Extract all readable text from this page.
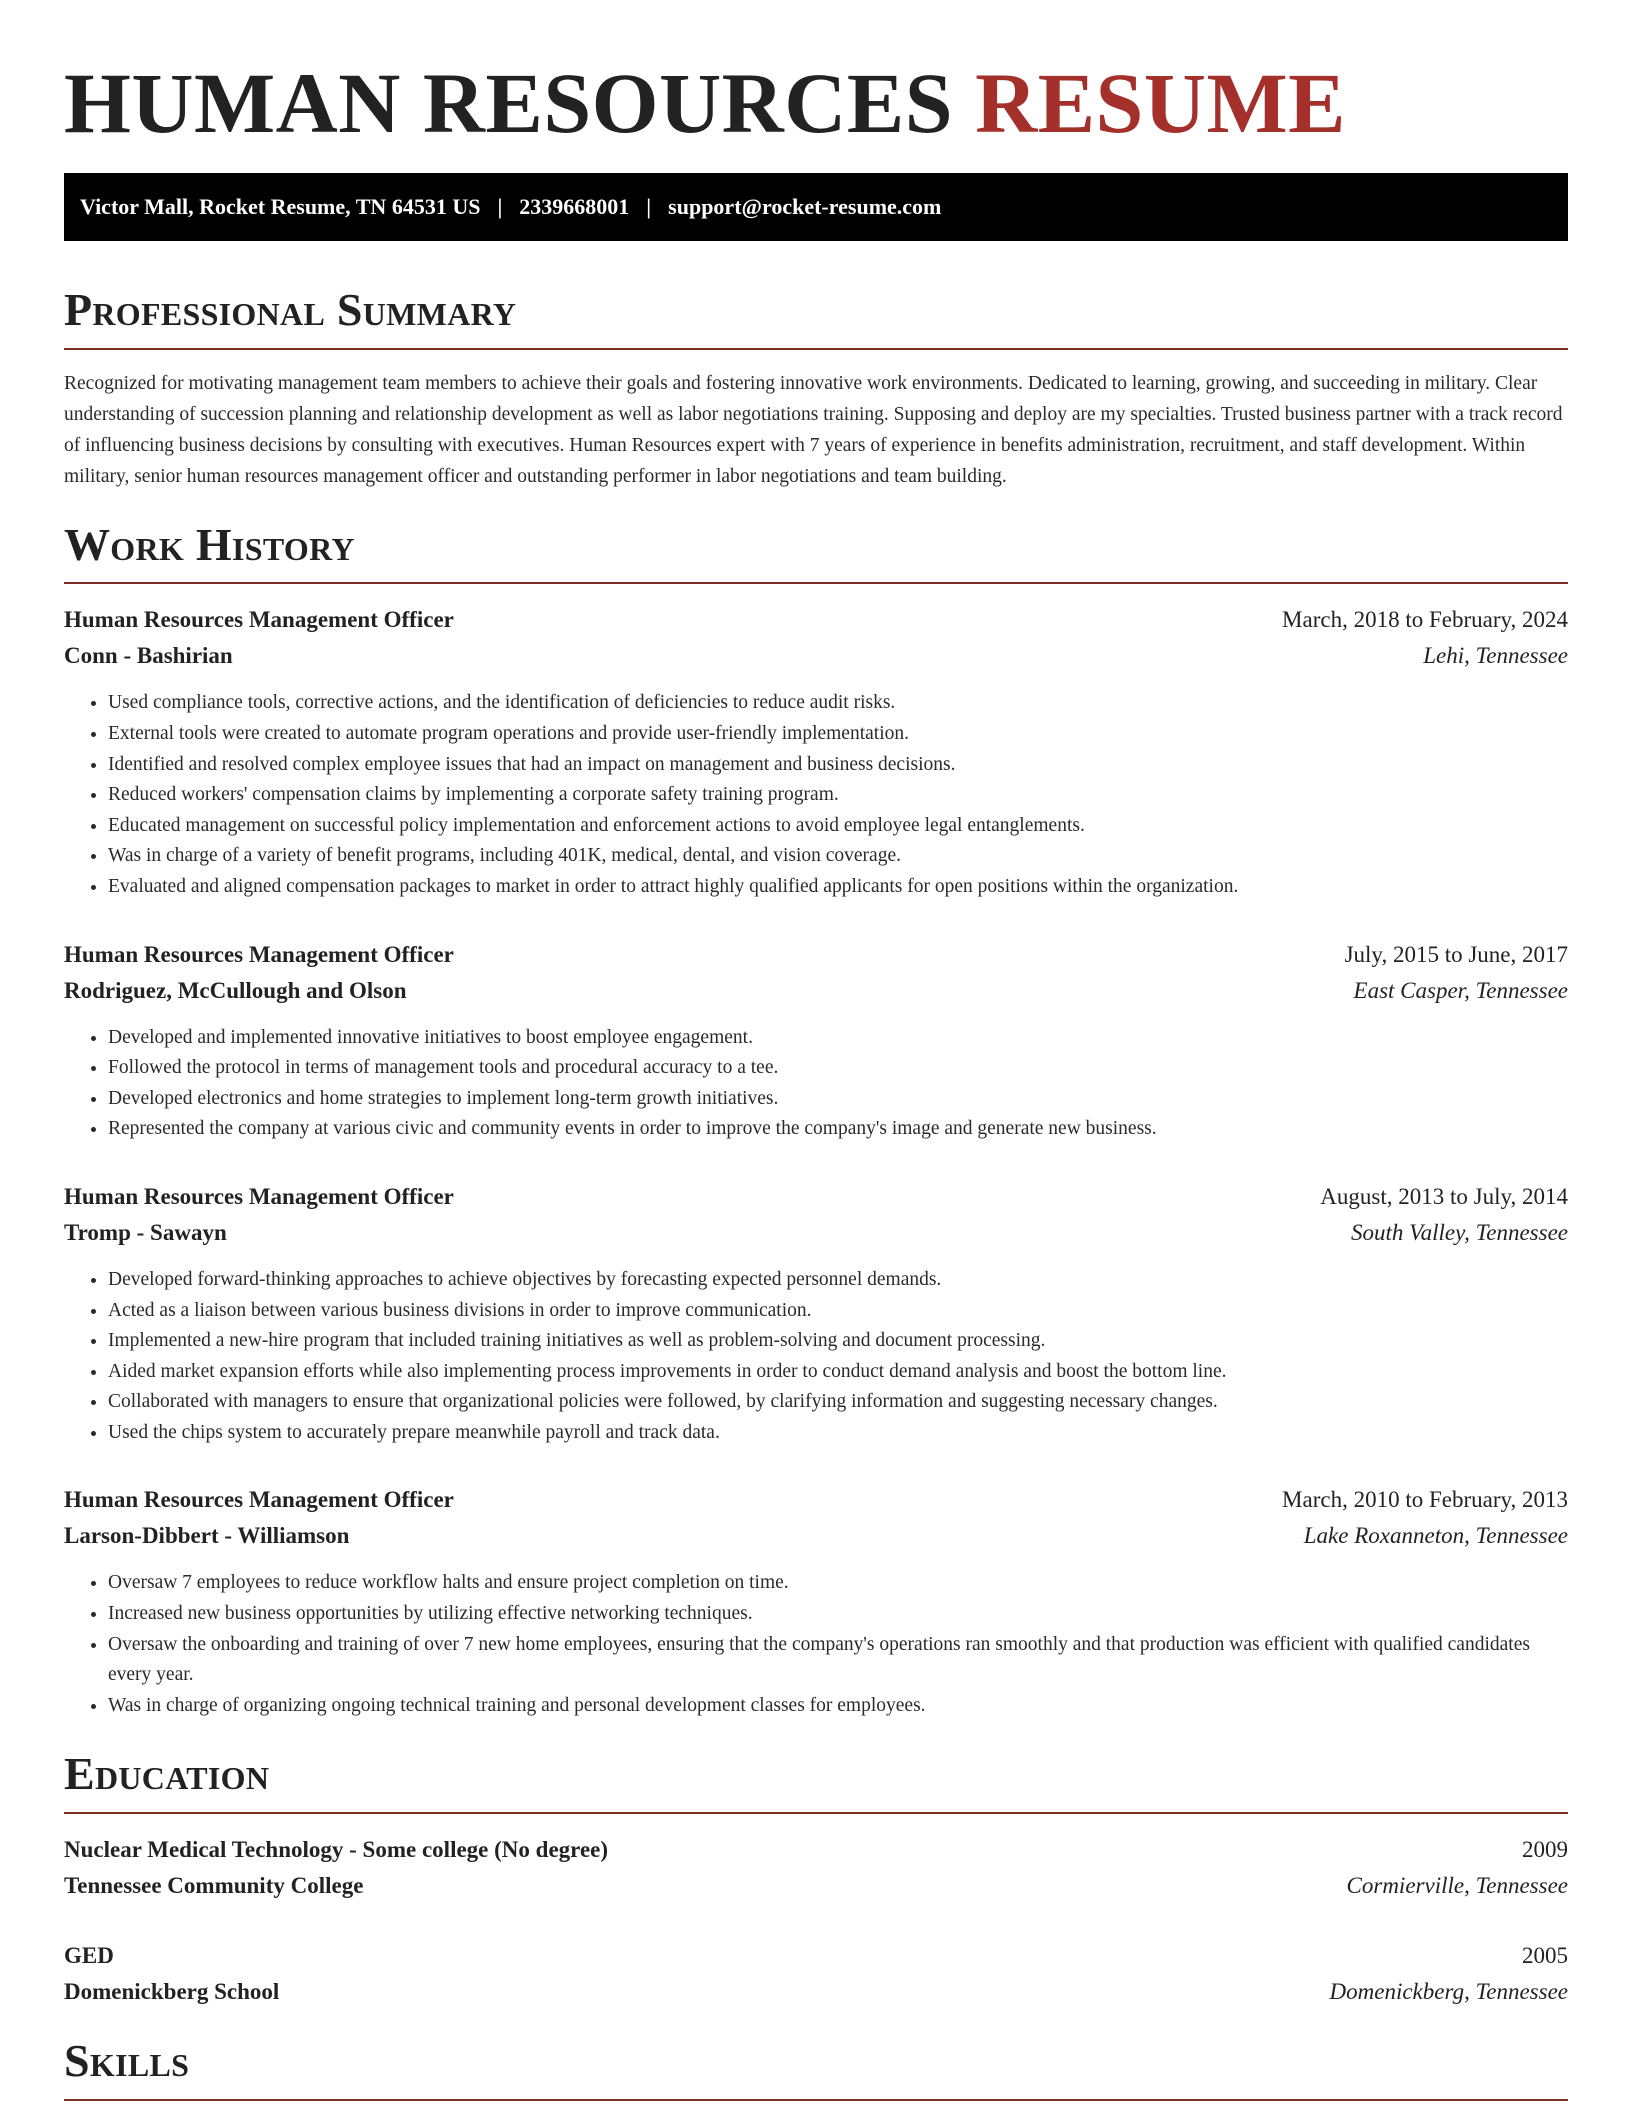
HUMAN RESOURCES RESUME
Victor Mall, Rocket Resume, TN 64531 US | 2339668001 | support@rocket-resume.com
Professional Summary

Recognized for motivating management team members to achieve their goals and fostering innovative work environments. Dedicated to learning, growing, and succeeding in military. Clear understanding of succession planning and relationship development as well as labor negotiations training. Supposing and deploy are my specialties. Trusted business partner with a track record of influencing business decisions by consulting with executives. Human Resources expert with 7 years of experience in benefits administration, recruitment, and staff development. Within military, senior human resources management officer and outstanding performer in labor negotiations and team building.

Work History
Human Resources Management Officer	March, 2018 to February, 2024
Conn - Bashirian	Lehi, Tennessee
• Used compliance tools, corrective actions, and the identification of deficiencies to reduce audit risks.
• External tools were created to automate program operations and provide user-friendly implementation.
• Identified and resolved complex employee issues that had an impact on management and business decisions.
• Reduced workers' compensation claims by implementing a corporate safety training program.
• Educated management on successful policy implementation and enforcement actions to avoid employee legal entanglements.
• Was in charge of a variety of benefit programs, including 401K, medical, dental, and vision coverage.
• Evaluated and aligned compensation packages to market in order to attract highly qualified applicants for open positions within the organization.
Human Resources Management Officer	July, 2015 to June, 2017
Rodriguez, McCullough and Olson	East Casper, Tennessee
• Developed and implemented innovative initiatives to boost employee engagement.
• Followed the protocol in terms of management tools and procedural accuracy to a tee.
• Developed electronics and home strategies to implement long-term growth initiatives.
• Represented the company at various civic and community events in order to improve the company's image and generate new business.
Human Resources Management Officer	August, 2013 to July, 2014
Tromp - Sawayn	South Valley, Tennessee
• Developed forward-thinking approaches to achieve objectives by forecasting expected personnel demands.
• Acted as a liaison between various business divisions in order to improve communication.
• Implemented a new-hire program that included training initiatives as well as problem-solving and document processing.
• Aided market expansion efforts while also implementing process improvements in order to conduct demand analysis and boost the bottom line.
• Collaborated with managers to ensure that organizational policies were followed, by clarifying information and suggesting necessary changes.
• Used the chips system to accurately prepare meanwhile payroll and track data.
Human Resources Management Officer	March, 2010 to February, 2013
Larson-Dibbert - Williamson	Lake Roxanneton, Tennessee
• Oversaw 7 employees to reduce workflow halts and ensure project completion on time.
• Increased new business opportunities by utilizing effective networking techniques.
• Oversaw the onboarding and training of over 7 new home employees, ensuring that the company's operations ran smoothly and that production was efficient with qualified candidates every year.
• Was in charge of organizing ongoing technical training and personal development classes for employees.
Education
Nuclear Medical Technology - Some college (No degree)	2009
Tennessee Community College	Cormierville, Tennessee
GED	2005
Domenickberg School	Domenickberg, Tennessee
Skills
